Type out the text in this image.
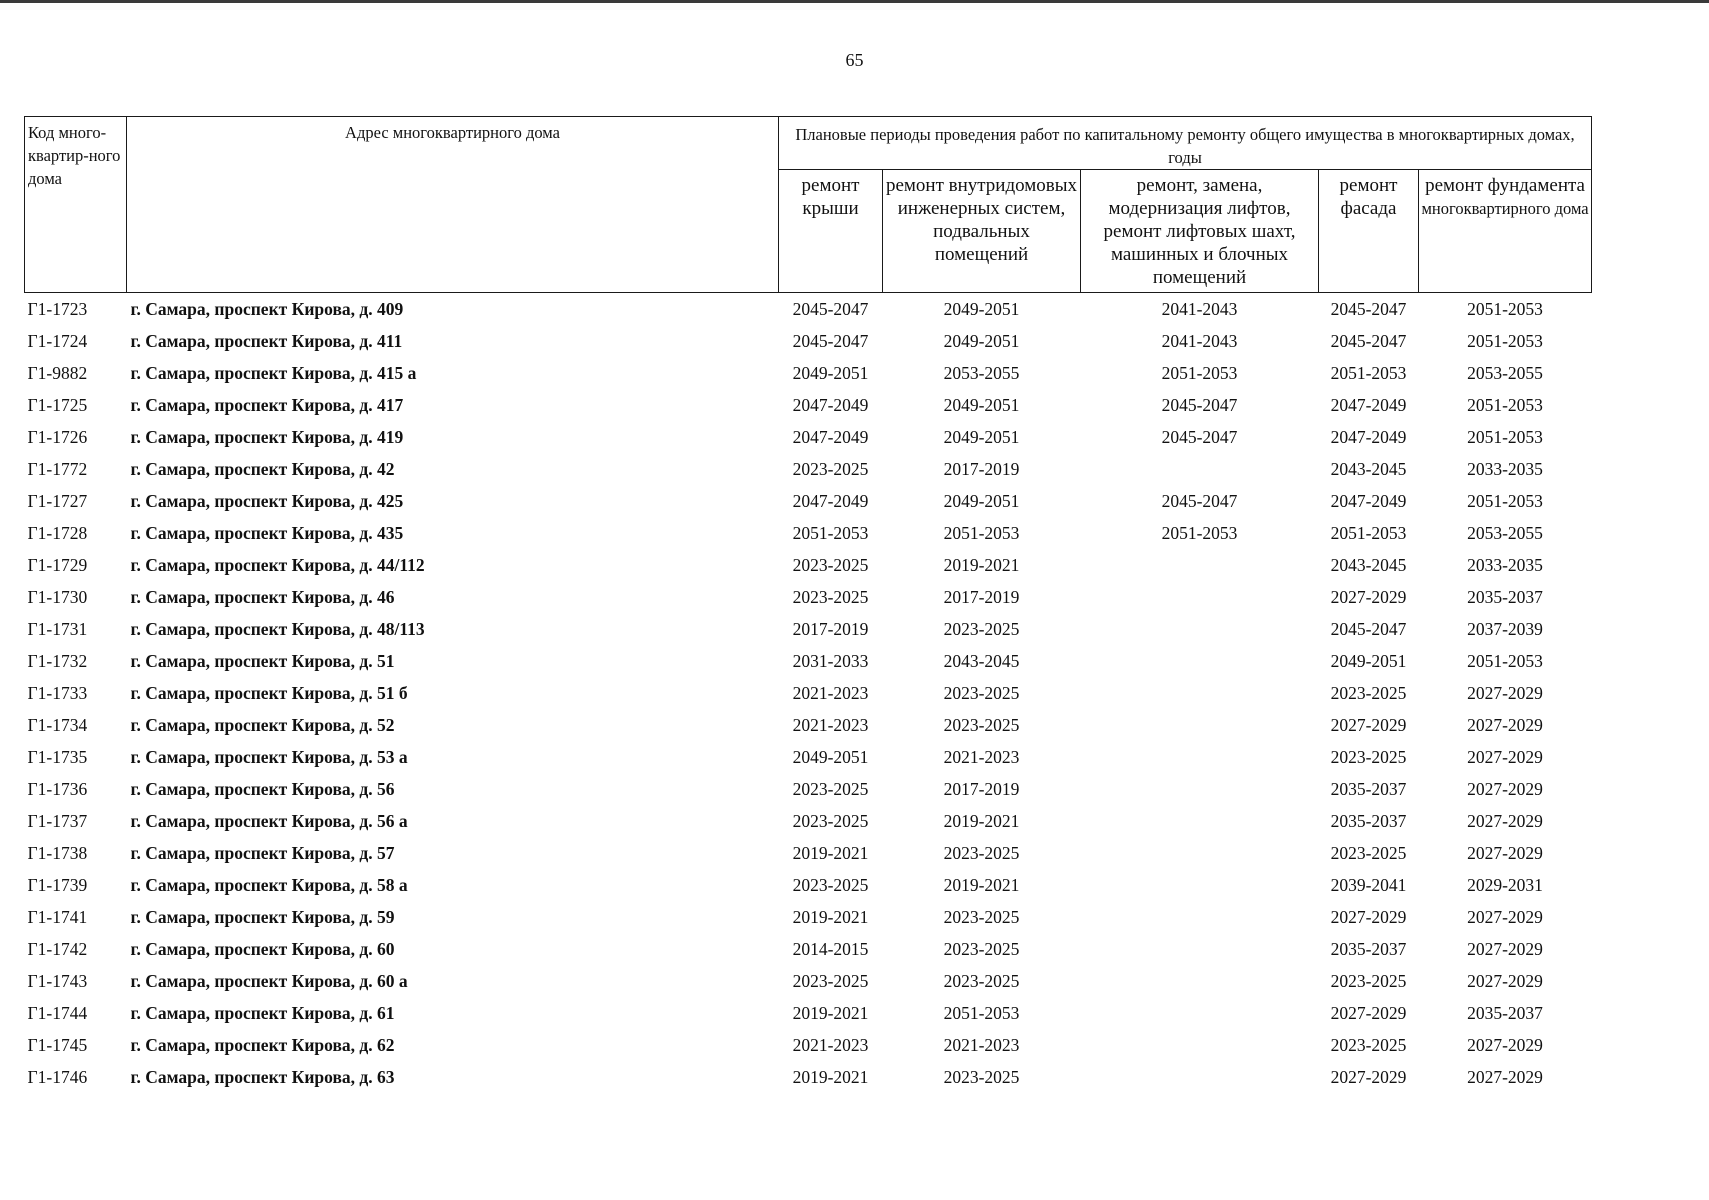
65
Код много-квартир-ного дома	Адрес многоквартирного дома	Плановые периоды проведения работ по капитальному ремонту общего имущества в многоквартирных домах, годы				
		ремонт крыши	ремонт внутридомовых инженерных систем, подвальных помещений	ремонт, замена, модернизация лифтов, ремонт лифтовых шахт, машинных и блочных помещений	ремонт фасада	ремонт фундамента
многоквартирного дома

Г1-1723	г. Самара, проспект Кирова, д. 409	2045-2047	2049-2051	2041-2043	2045-2047	2051-2053
Г1-1724	г. Самара, проспект Кирова, д. 411	2045-2047	2049-2051	2041-2043	2045-2047	2051-2053
Г1-9882	г. Самара, проспект Кирова, д. 415 а	2049-2051	2053-2055	2051-2053	2051-2053	2053-2055
Г1-1725	г. Самара, проспект Кирова, д. 417	2047-2049	2049-2051	2045-2047	2047-2049	2051-2053
Г1-1726	г. Самара, проспект Кирова, д. 419	2047-2049	2049-2051	2045-2047	2047-2049	2051-2053
Г1-1772	г. Самара, проспект Кирова, д. 42	2023-2025	2017-2019		2043-2045	2033-2035
Г1-1727	г. Самара, проспект Кирова, д. 425	2047-2049	2049-2051	2045-2047	2047-2049	2051-2053
Г1-1728	г. Самара, проспект Кирова, д. 435	2051-2053	2051-2053	2051-2053	2051-2053	2053-2055
Г1-1729	г. Самара, проспект Кирова, д. 44/112	2023-2025	2019-2021		2043-2045	2033-2035
Г1-1730	г. Самара, проспект Кирова, д. 46	2023-2025	2017-2019		2027-2029	2035-2037
Г1-1731	г. Самара, проспект Кирова, д. 48/113	2017-2019	2023-2025		2045-2047	2037-2039
Г1-1732	г. Самара, проспект Кирова, д. 51	2031-2033	2043-2045		2049-2051	2051-2053
Г1-1733	г. Самара, проспект Кирова, д. 51 б	2021-2023	2023-2025		2023-2025	2027-2029
Г1-1734	г. Самара, проспект Кирова, д. 52	2021-2023	2023-2025		2027-2029	2027-2029
Г1-1735	г. Самара, проспект Кирова, д. 53 а	2049-2051	2021-2023		2023-2025	2027-2029
Г1-1736	г. Самара, проспект Кирова, д. 56	2023-2025	2017-2019		2035-2037	2027-2029
Г1-1737	г. Самара, проспект Кирова, д. 56 а	2023-2025	2019-2021		2035-2037	2027-2029
Г1-1738	г. Самара, проспект Кирова, д. 57	2019-2021	2023-2025		2023-2025	2027-2029
Г1-1739	г. Самара, проспект Кирова, д. 58 а	2023-2025	2019-2021		2039-2041	2029-2031
Г1-1741	г. Самара, проспект Кирова, д. 59	2019-2021	2023-2025		2027-2029	2027-2029
Г1-1742	г. Самара, проспект Кирова, д. 60	2014-2015	2023-2025		2035-2037	2027-2029
Г1-1743	г. Самара, проспект Кирова, д. 60 а	2023-2025	2023-2025		2023-2025	2027-2029
Г1-1744	г. Самара, проспект Кирова, д. 61	2019-2021	2051-2053		2027-2029	2035-2037
Г1-1745	г. Самара, проспект Кирова, д. 62	2021-2023	2021-2023		2023-2025	2027-2029
Г1-1746	г. Самара, проспект Кирова, д. 63	2019-2021	2023-2025		2027-2029	2027-2029
